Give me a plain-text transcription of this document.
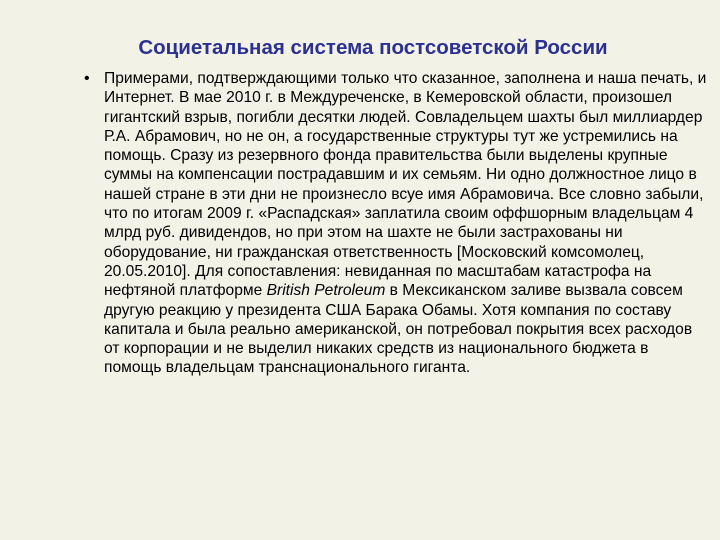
Социетальная система постсоветской России
• Примерами, подтверждающими только что сказанное, заполнена и наша печать, и Интернет. В мае 2010 г. в Междуреченске, в Кемеровской области, произошел гигантский взрыв, погибли десятки людей. Совладельцем шахты был миллиардер Р.А. Абрамович, но не он, а государственные структуры тут же устремились на помощь. Сразу из резервного фонда правительства были выделены крупные суммы на компенсации пострадавшим и их семьям. Ни одно должностное лицо в нашей стране в эти дни не произнесло всуе имя Абрамовича. Все словно забыли, что по итогам 2009 г. «Распадская» заплатила своим оффшорным владельцам 4 млрд руб. дивидендов, но при этом на шахте не были застрахованы ни оборудование, ни гражданская ответственность [Московский комсомолец, 20.05.2010]. Для сопоставления: невиданная по масштабам катастрофа на нефтяной платформе British Petroleum в Мексиканском заливе вызвала совсем другую реакцию у президента США Барака Обамы. Хотя компания по составу капитала и была реально американской, он потребовал покрытия всех расходов от корпорации и не выделил никаких средств из национального бюджета в помощь владельцам транснационального гиганта.
